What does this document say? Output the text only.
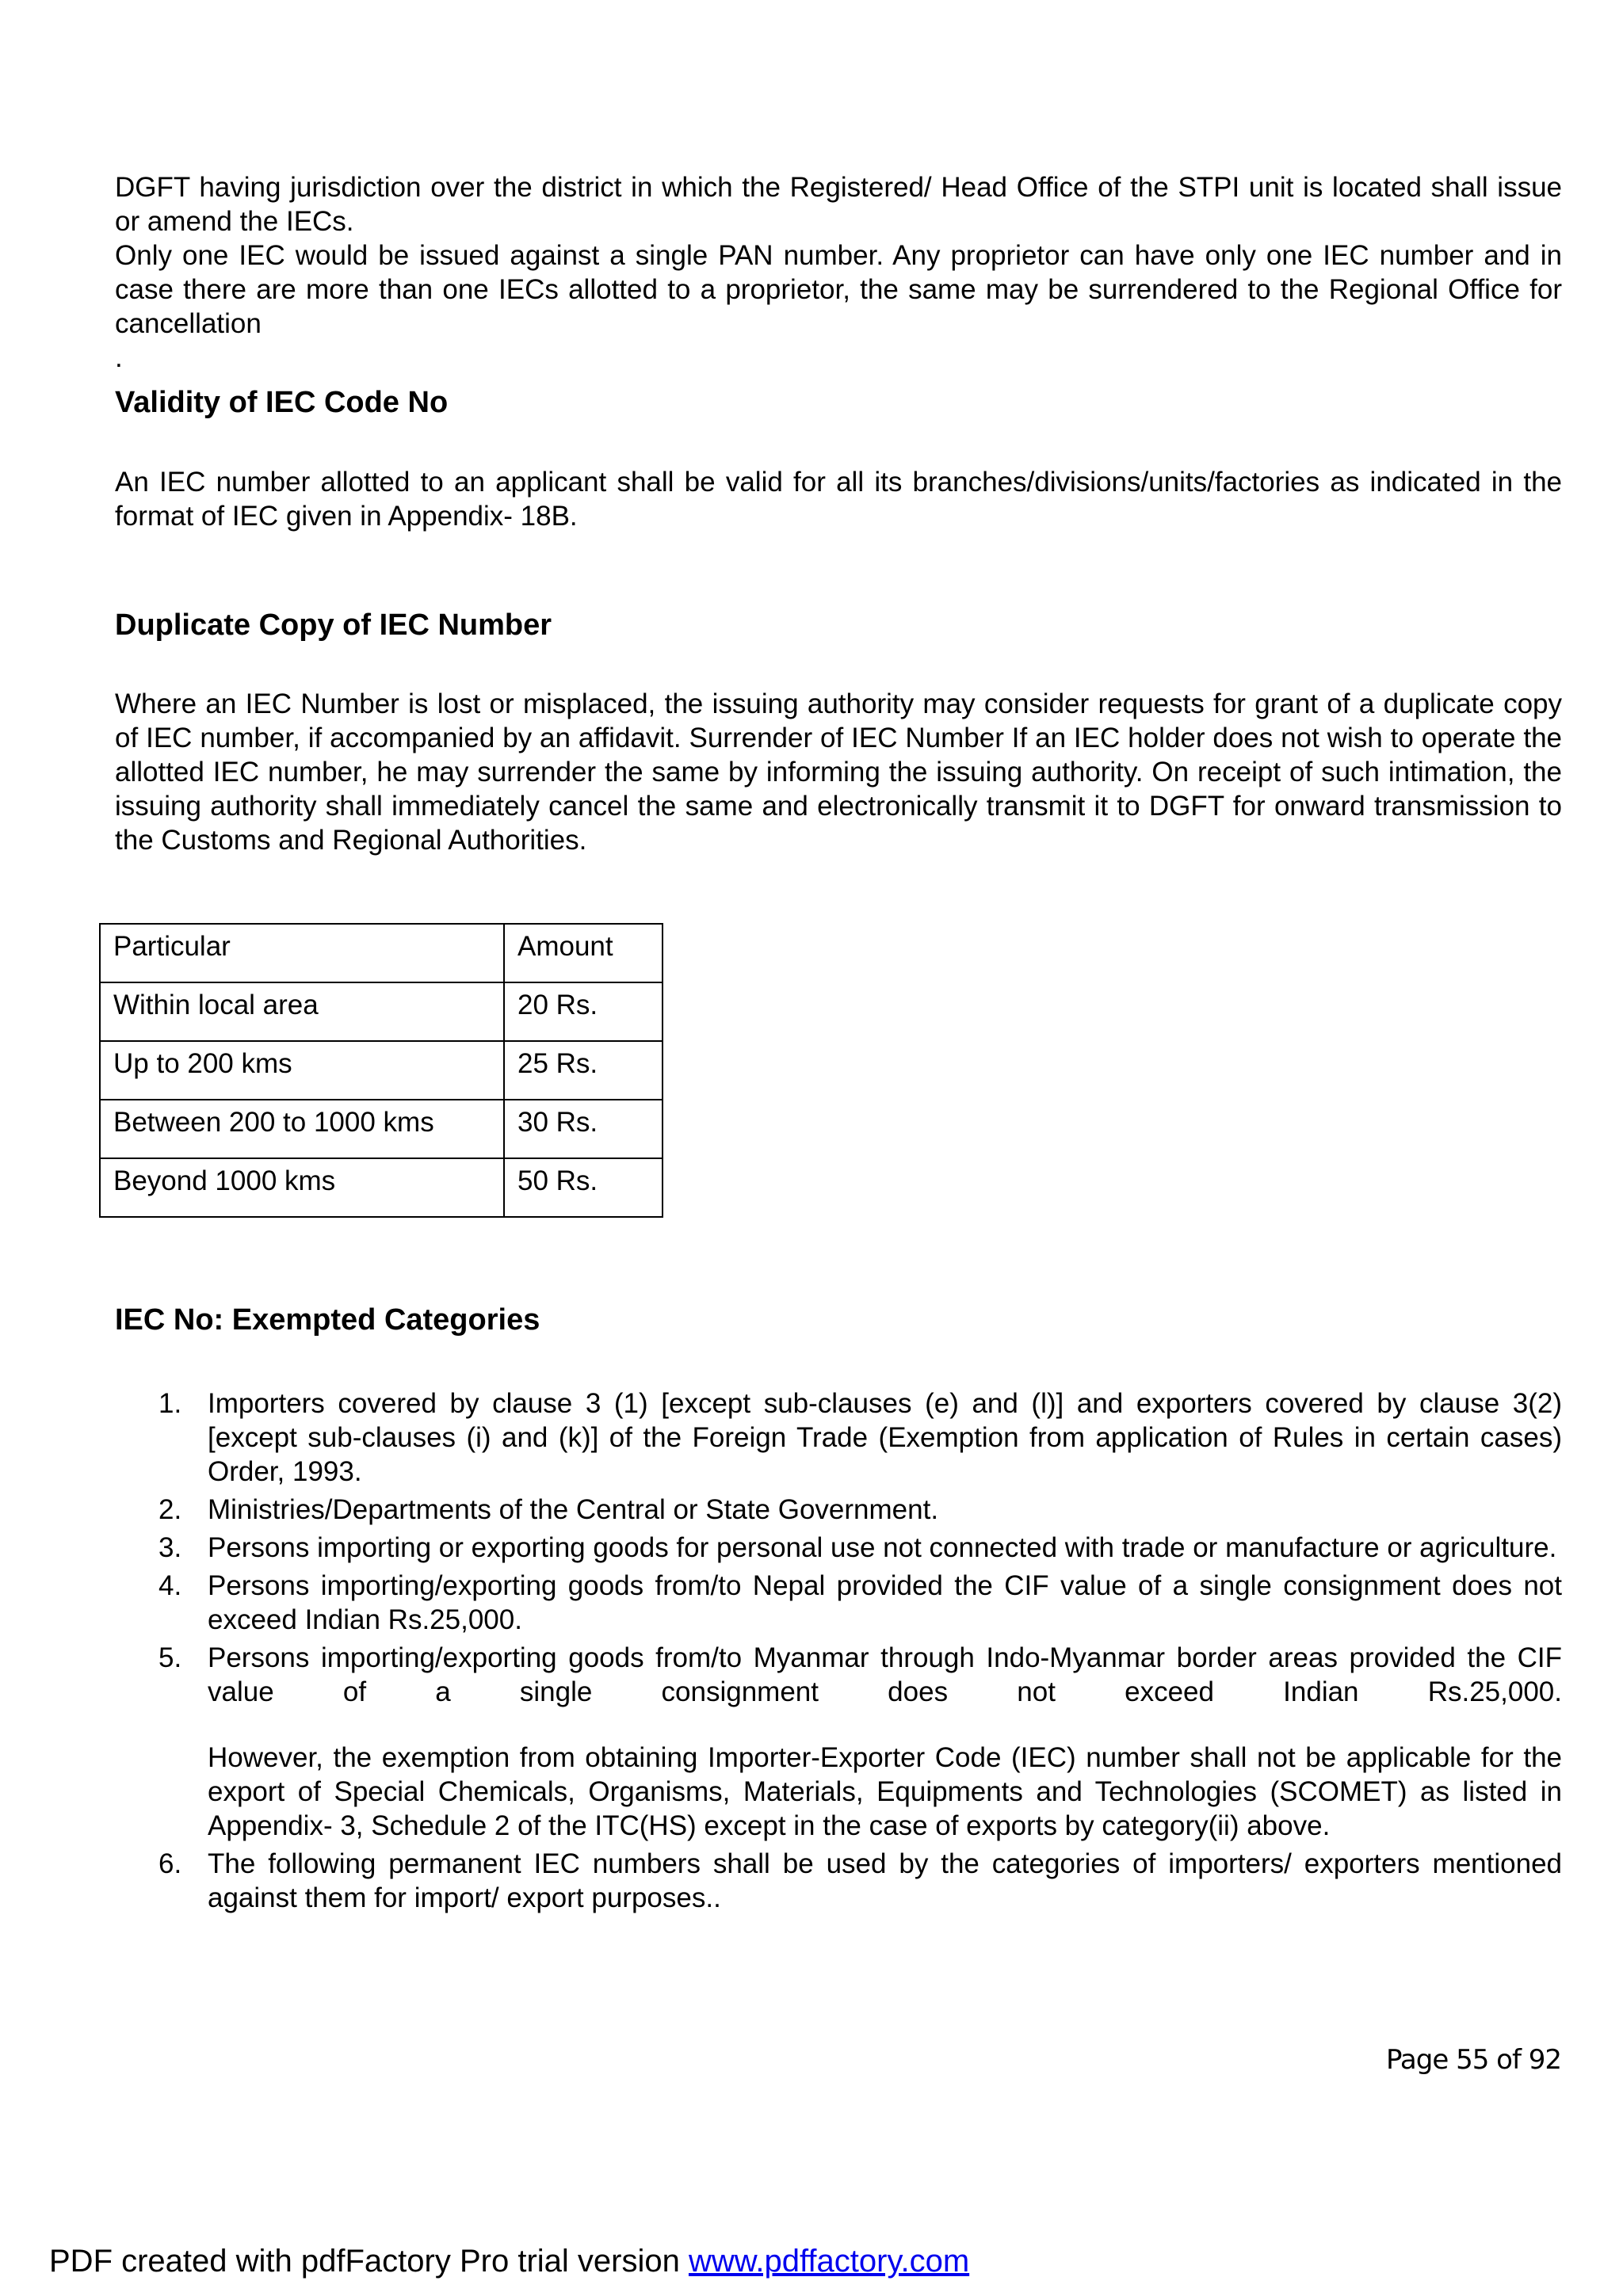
DGFT having jurisdiction over the district in which the Registered/ Head Office of the STPI unit is located shall issue or amend the IECs.

Only one IEC would be issued against a single PAN number. Any proprietor can have only one IEC number and in case there are more than one IECs allotted to a proprietor, the same may be surrendered to the Regional Office for cancellation

.

Validity of IEC Code No

An IEC number allotted to an applicant shall be valid for all its branches/divisions/units/factories as indicated in the format of IEC given in Appendix- 18B.

Duplicate Copy of IEC Number

Where an IEC Number is lost or misplaced, the issuing authority may consider requests for grant of a duplicate copy of IEC number, if accompanied by an affidavit. Surrender of IEC Number If an IEC holder does not wish to operate the allotted IEC number, he may surrender the same by informing the issuing authority. On receipt of such intimation, the issuing authority shall immediately cancel the same and electronically transmit it to DGFT for onward transmission to the Customs and Regional Authorities.

Particular	Amount
Within local area	20 Rs.
Up to 200 kms	25 Rs.
Between 200 to 1000 kms	30 Rs.
Beyond 1000 kms	50 Rs.
IEC No: Exempted Categories
1. Importers covered by clause 3 (1) [except sub-clauses (e) and (l)] and exporters covered by clause 3(2) [except sub-clauses (i) and (k)] of the Foreign Trade (Exemption from application of Rules in certain cases) Order, 1993.
2. Ministries/Departments of the Central or State Government.
3. Persons importing or exporting goods for personal use not connected with trade or manufacture or agriculture.
4. Persons importing/exporting goods from/to Nepal provided the CIF value of a single consignment does not exceed Indian Rs.25,000.
5. Persons importing/exporting goods from/to Myanmar through Indo-Myanmar border areas provided the CIF value of a single consignment does not exceed Indian Rs.25,000.
However, the exemption from obtaining Importer-Exporter Code (IEC) number shall not be applicable for the export of Special Chemicals, Organisms, Materials, Equipments and Technologies (SCOMET) as listed in Appendix- 3, Schedule 2 of the ITC(HS) except in the case of exports by category(ii) above.
6. The following permanent IEC numbers shall be used by the categories of importers/ exporters mentioned against them for import/ export purposes..
Page 55 of 92
PDF created with pdfFactory Pro trial version www.pdffactory.com
